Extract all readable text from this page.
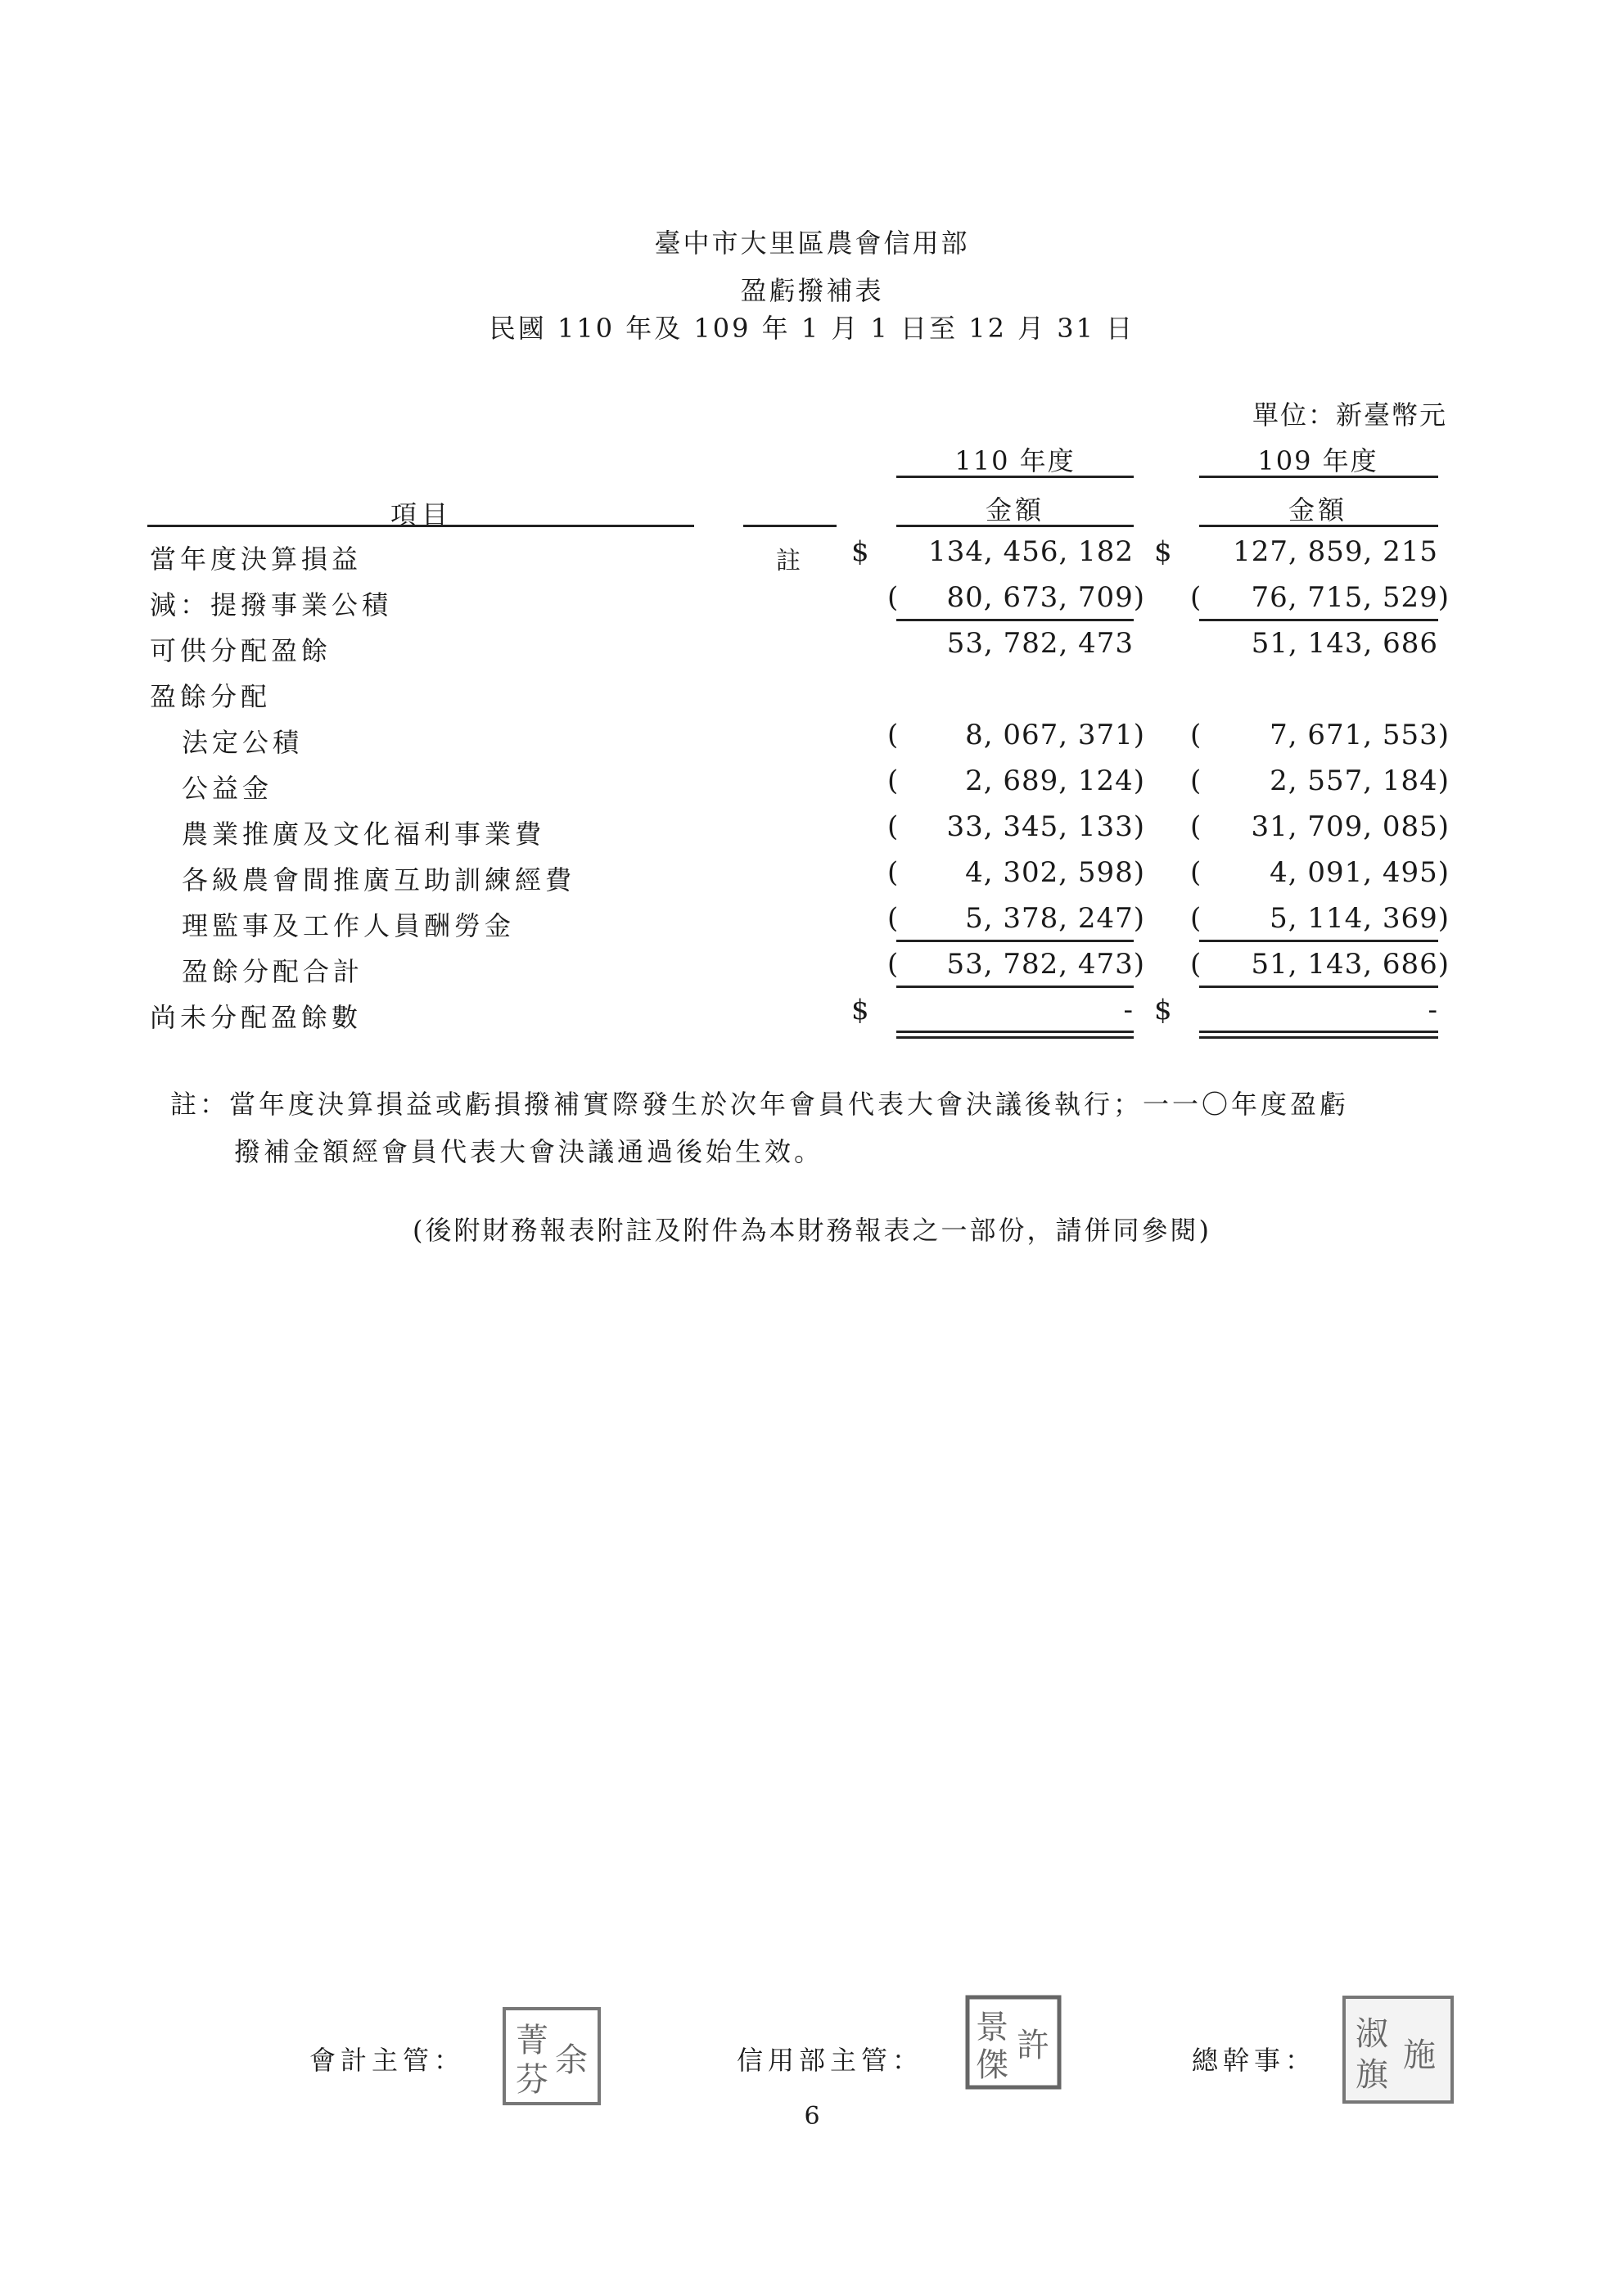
臺中市大里區農會信用部
盈虧撥補表
民國 110 年及 109 年 1 月 1 日至 12 月 31 日
單位：新臺幣元
110 年度	109 年度
項目	金額	金額
當年度決算損益	註 $	134, 456, 182 $	127, 859, 215
減：提撥事業公積	(	80, 673, 709) (	76, 715, 529)
可供分配盈餘	53, 782, 473	51, 143, 686
盈餘分配
法定公積	(	8, 067, 371) (	7, 671, 553)
公益金	(	2, 689, 124) (	2, 557, 184)
農業推廣及文化福利事業費	(	33, 345, 133) (	31, 709, 085)
各級農會間推廣互助訓練經費	(	4, 302, 598) (	4, 091, 495)
理監事及工作人員酬勞金	(	5, 378, 247) (	5, 114, 369)
盈餘分配合計	(	53, 782, 473) (	51, 143, 686)
尚未分配盈餘數	$	- $	-
註：當年度決算損益或虧損撥補實際發生於次年會員代表大會決議後執行；一一〇年度盈虧
撥補金額經會員代表大會決議通過後始生效。
(後附財務報表附註及附件為本財務報表之一部份，請併同參閱)
會計主管：	信用部主管：	總幹事：
菁
芬
余
景
傑
許	淑
旗
施
6
